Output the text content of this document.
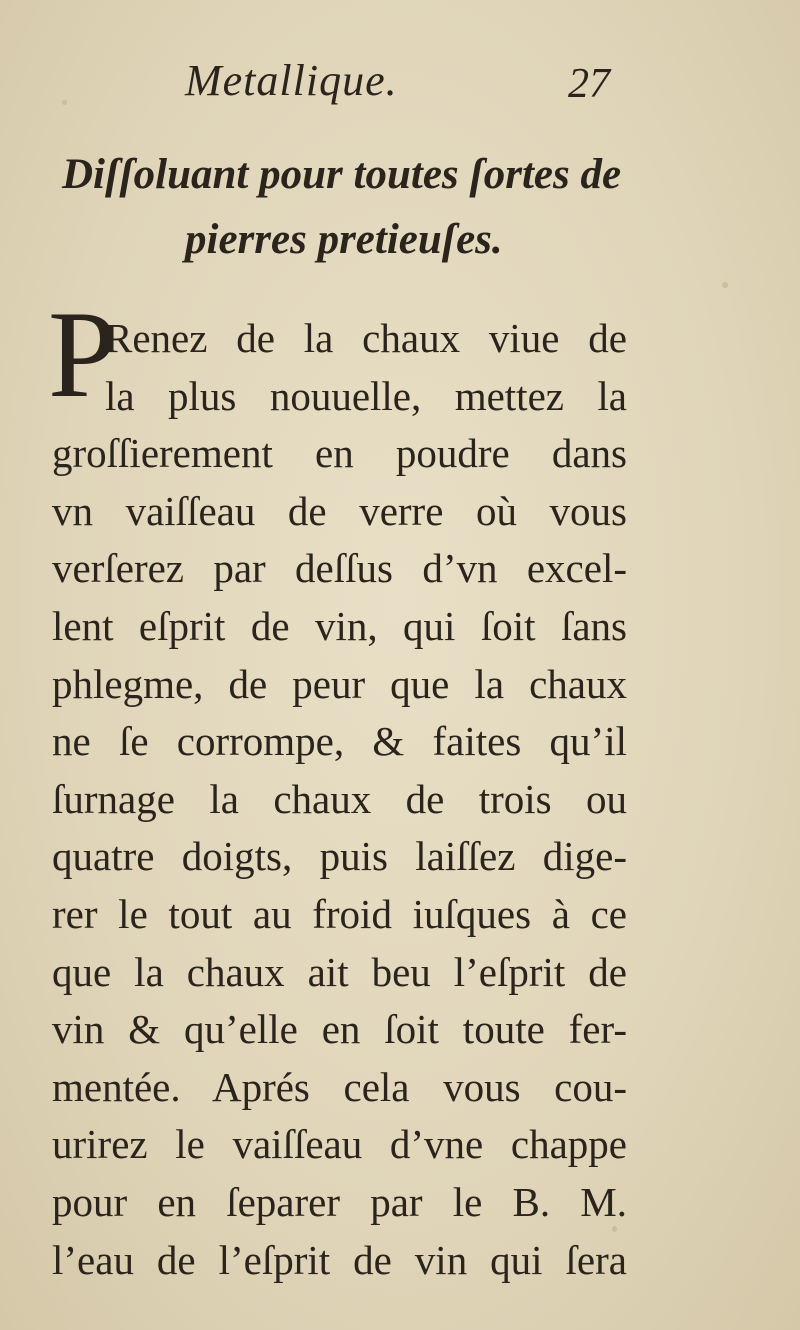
Metallique.	27
Diſſoluant pour toutes ſortes de
pierres pretieuſes.
P
Renez de la chaux viue de
la plus nouuelle, mettez la
groſſierement en poudre dans
vn vaiſſeau de verre où vous
verſerez par deſſus d’vn excel-
lent eſprit de vin, qui ſoit ſans
phlegme, de peur que la chaux
ne ſe corrompe, & faites qu’il
ſurnage la chaux de trois ou
quatre doigts, puis laiſſez dige-
rer le tout au froid iuſques à ce
que la chaux ait beu l’eſprit de
vin & qu’elle en ſoit toute fer-
mentée. Aprés cela vous cou-
urirez le vaiſſeau d’vne chappe
pour en ſeparer par le B. M.
l’eau de l’eſprit de vin qui ſera
